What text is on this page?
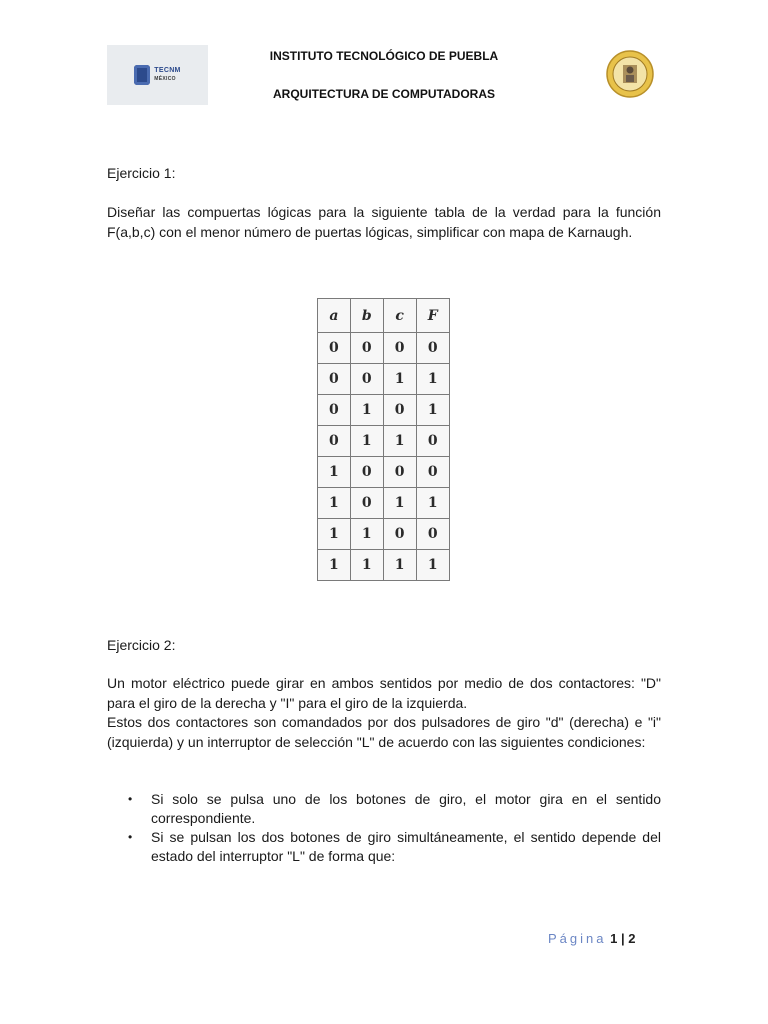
TECNM
MÉXICO
INSTITUTO TECNOLÓGICO DE PUEBLA
ARQUITECTURA DE COMPUTADORAS
Ejercicio 1:
Diseñar las compuertas lógicas para la siguiente tabla de la verdad para la función F(a,b,c) con el menor número de puertas lógicas, simplificar con mapa de Karnaugh.
a	b	c	F
0	0	0	0
0	0	1	1
0	1	0	1
0	1	1	0
1	0	0	0
1	0	1	1
1	1	0	0
1	1	1	1
Ejercicio 2:
Un motor eléctrico puede girar en ambos sentidos por medio de dos contactores: "D" para el giro de la derecha y "I" para el giro de la izquierda.
Estos dos contactores son comandados por dos pulsadores de giro "d" (derecha) e "i" (izquierda) y un interruptor de selección "L" de acuerdo con las siguientes condiciones:
• Si solo se pulsa uno de los botones de giro, el motor gira en el sentido correspondiente.
• Si se pulsan los dos botones de giro simultáneamente, el sentido depende del estado del interruptor "L" de forma que:
Página 1 | 2
